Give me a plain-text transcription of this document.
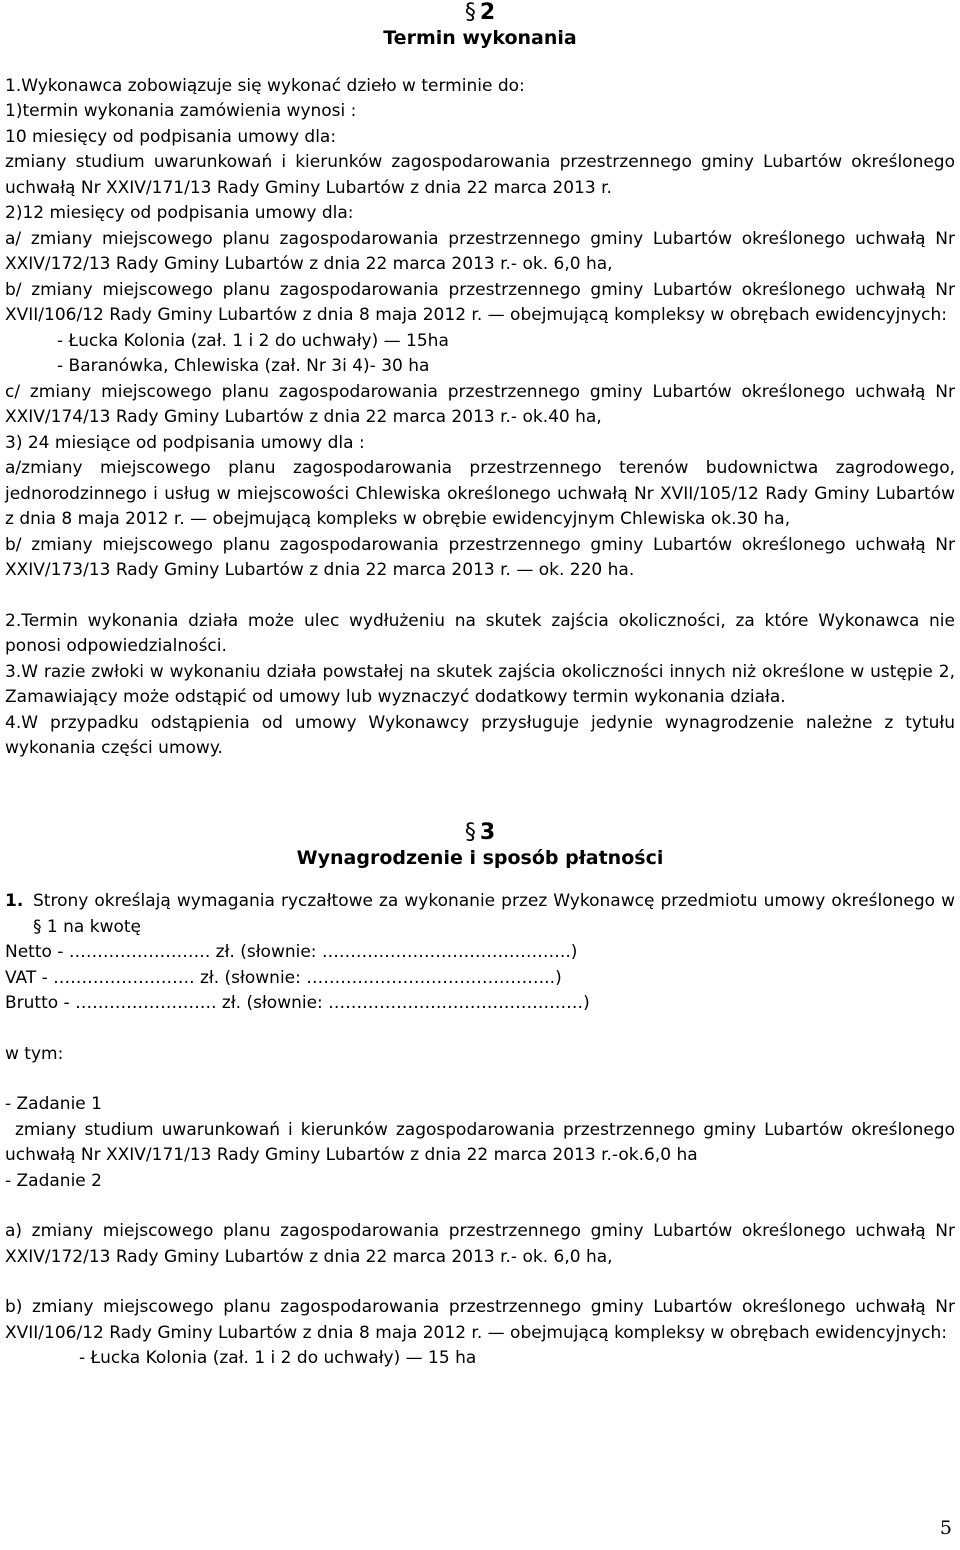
§ 2
Termin wykonania

1.Wykonawca zobowiązuje się wykonać dzieło w terminie do:

1)termin wykonania zamówienia wynosi :

10 miesięcy od podpisania umowy dla:

zmiany studium uwarunkowań i kierunków zagospodarowania przestrzennego gminy Lubartów określonego uchwałą Nr XXIV/171/13 Rady Gminy Lubartów z dnia 22 marca 2013 r.

2)12 miesięcy od podpisania umowy dla:

a/ zmiany miejscowego planu zagospodarowania przestrzennego gminy Lubartów określonego uchwałą Nr XXIV/172/13 Rady Gminy Lubartów z dnia 22 marca 2013 r.- ok. 6,0 ha,

b/ zmiany miejscowego planu zagospodarowania przestrzennego gminy Lubartów określonego uchwałą Nr XVII/106/12 Rady Gminy Lubartów z dnia 8 maja 2012 r. — obejmującą kompleksy w obrębach ewidencyjnych:

- Łucka Kolonia (zał. 1 i 2 do uchwały) — 15ha

- Baranówka, Chlewiska (zał. Nr 3i 4)- 30 ha

c/ zmiany miejscowego planu zagospodarowania przestrzennego gminy Lubartów określonego uchwałą Nr XXIV/174/13 Rady Gminy Lubartów z dnia 22 marca 2013 r.- ok.40 ha,

3) 24 miesiące od podpisania umowy dla :

a/zmiany miejscowego planu zagospodarowania przestrzennego terenów budownictwa zagrodowego, jednorodzinnego i usług w miejscowości Chlewiska określonego uchwałą Nr XVII/105/12 Rady Gminy Lubartów z dnia 8 maja 2012 r. — obejmującą kompleks w obrębie ewidencyjnym Chlewiska ok.30 ha,

b/ zmiany miejscowego planu zagospodarowania przestrzennego gminy Lubartów określonego uchwałą Nr XXIV/173/13 Rady Gminy Lubartów z dnia 22 marca 2013 r. — ok. 220 ha.

2.Termin wykonania działa może ulec wydłużeniu na skutek zajścia okoliczności, za które Wykonawca nie ponosi odpowiedzialności.

3.W razie zwłoki w wykonaniu działa powstałej na skutek zajścia okoliczności innych niż określone w ustępie 2, Zamawiający może odstąpić od umowy lub wyznaczyć dodatkowy termin wykonania działa.

4.W przypadku odstąpienia od umowy Wykonawcy przysługuje jedynie wynagrodzenie należne z tytułu wykonania części umowy.

§ 3
Wynagrodzenie i sposób płatności
1. Strony określają wymagania ryczałtowe za wykonanie przez Wykonawcę przedmiotu umowy określonego w § 1 na kwotę

Netto - ……………………. zł. (słownie: ……………………………………..)

VAT - ……………………. zł. (słownie: ……………………………………..)

Brutto - ……………………. zł. (słownie: ………………………………………)

w tym:

- Zadanie 1

zmiany studium uwarunkowań i kierunków zagospodarowania przestrzennego gminy Lubartów określonego uchwałą Nr XXIV/171/13 Rady Gminy Lubartów z dnia 22 marca 2013 r.-ok.6,0 ha

- Zadanie 2

a) zmiany miejscowego planu zagospodarowania przestrzennego gminy Lubartów określonego uchwałą Nr XXIV/172/13 Rady Gminy Lubartów z dnia 22 marca 2013 r.- ok. 6,0 ha,

b) zmiany miejscowego planu zagospodarowania przestrzennego gminy Lubartów określonego uchwałą Nr XVII/106/12 Rady Gminy Lubartów z dnia 8 maja 2012 r. — obejmującą kompleksy w obrębach ewidencyjnych:

- Łucka Kolonia (zał. 1 i 2 do uchwały) — 15 ha

5
